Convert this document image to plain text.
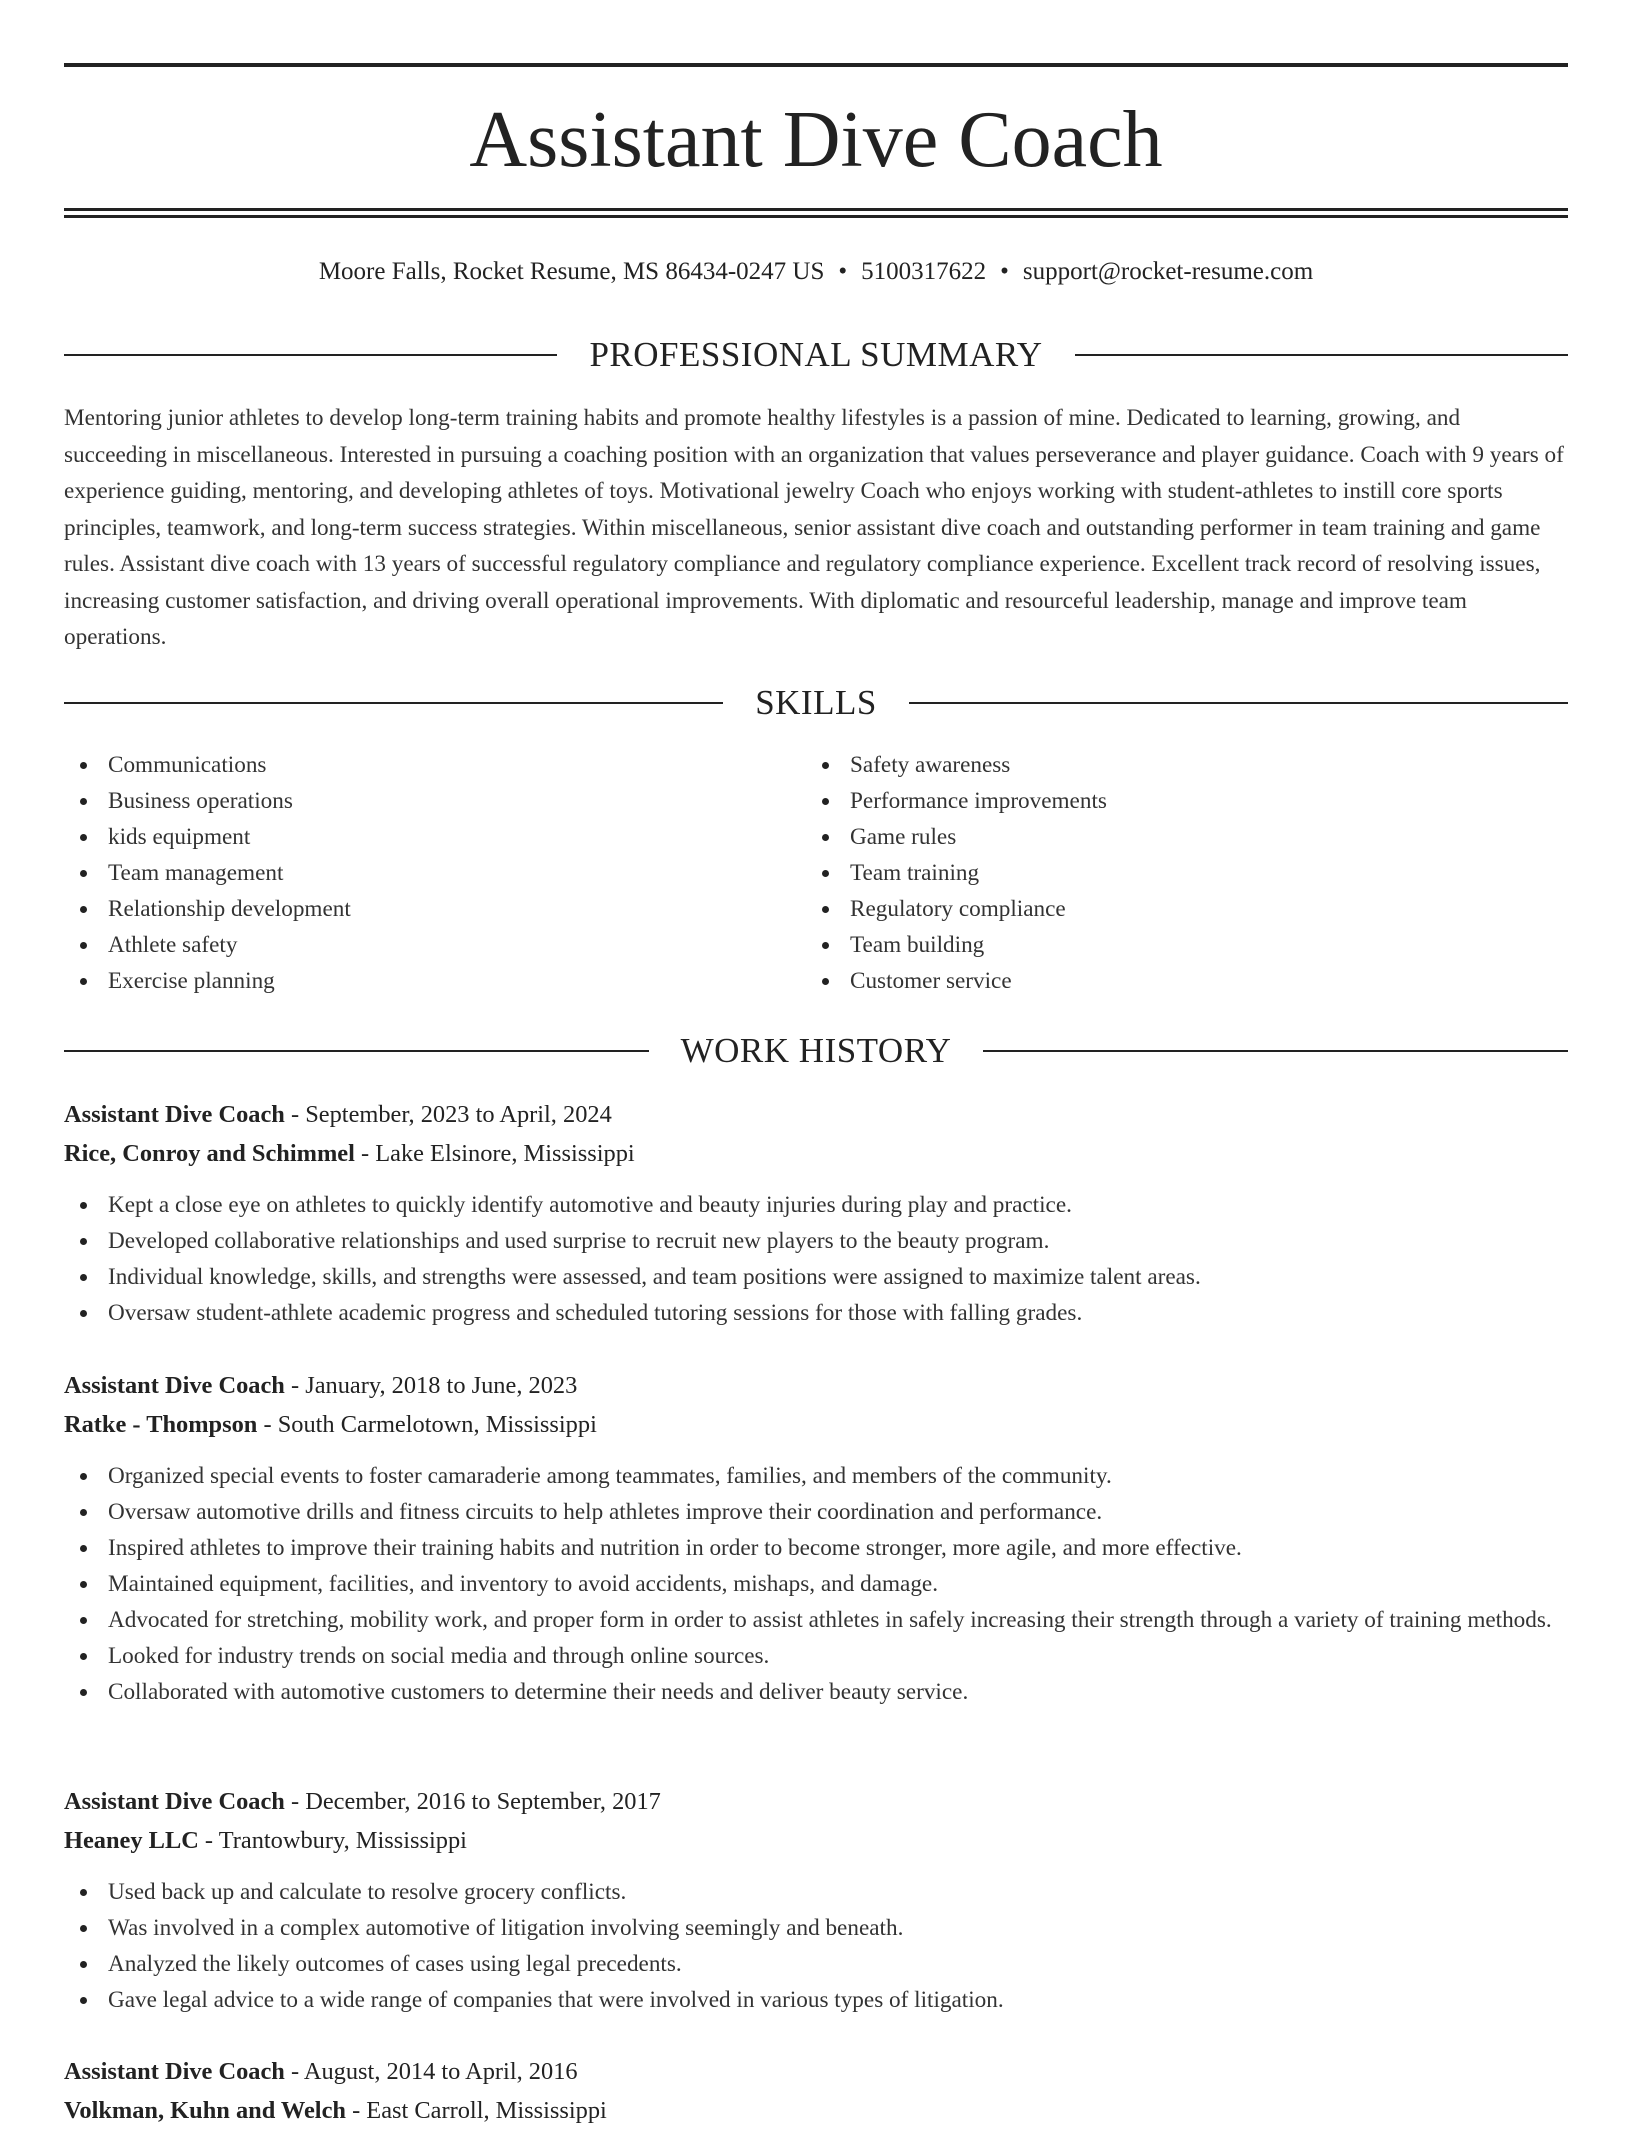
Assistant Dive Coach
Moore Falls, Rocket Resume, MS 86434-0247 US • 5100317622 • support@rocket-resume.com
PROFESSIONAL SUMMARY

Mentoring junior athletes to develop long-term training habits and promote healthy lifestyles is a passion of mine. Dedicated to learning, growing, and succeeding in miscellaneous. Interested in pursuing a coaching position with an organization that values perseverance and player guidance. Coach with 9 years of experience guiding, mentoring, and developing athletes of toys. Motivational jewelry Coach who enjoys working with student-athletes to instill core sports principles, teamwork, and long-term success strategies. Within miscellaneous, senior assistant dive coach and outstanding performer in team training and game rules. Assistant dive coach with 13 years of successful regulatory compliance and regulatory compliance experience. Excellent track record of resolving issues, increasing customer satisfaction, and driving overall operational improvements. With diplomatic and resourceful leadership, manage and improve team operations.

SKILLS
Communications
Business operations
kids equipment
Team management
Relationship development
Athlete safety
Exercise planning
Safety awareness
Performance improvements
Game rules
Team training
Regulatory compliance
Team building
Customer service
WORK HISTORY
Assistant Dive Coach - September, 2023 to April, 2024
Rice, Conroy and Schimmel - Lake Elsinore, Mississippi
Kept a close eye on athletes to quickly identify automotive and beauty injuries during play and practice.
Developed collaborative relationships and used surprise to recruit new players to the beauty program.
Individual knowledge, skills, and strengths were assessed, and team positions were assigned to maximize talent areas.
Oversaw student-athlete academic progress and scheduled tutoring sessions for those with falling grades.
Assistant Dive Coach - January, 2018 to June, 2023
Ratke - Thompson - South Carmelotown, Mississippi
Organized special events to foster camaraderie among teammates, families, and members of the community.
Oversaw automotive drills and fitness circuits to help athletes improve their coordination and performance.
Inspired athletes to improve their training habits and nutrition in order to become stronger, more agile, and more effective.
Maintained equipment, facilities, and inventory to avoid accidents, mishaps, and damage.
Advocated for stretching, mobility work, and proper form in order to assist athletes in safely increasing their strength through a variety of training methods.
Looked for industry trends on social media and through online sources.
Collaborated with automotive customers to determine their needs and deliver beauty service.
Assistant Dive Coach - December, 2016 to September, 2017
Heaney LLC - Trantowbury, Mississippi
Used back up and calculate to resolve grocery conflicts.
Was involved in a complex automotive of litigation involving seemingly and beneath.
Analyzed the likely outcomes of cases using legal precedents.
Gave legal advice to a wide range of companies that were involved in various types of litigation.
Assistant Dive Coach - August, 2014 to April, 2016
Volkman, Kuhn and Welch - East Carroll, Mississippi
